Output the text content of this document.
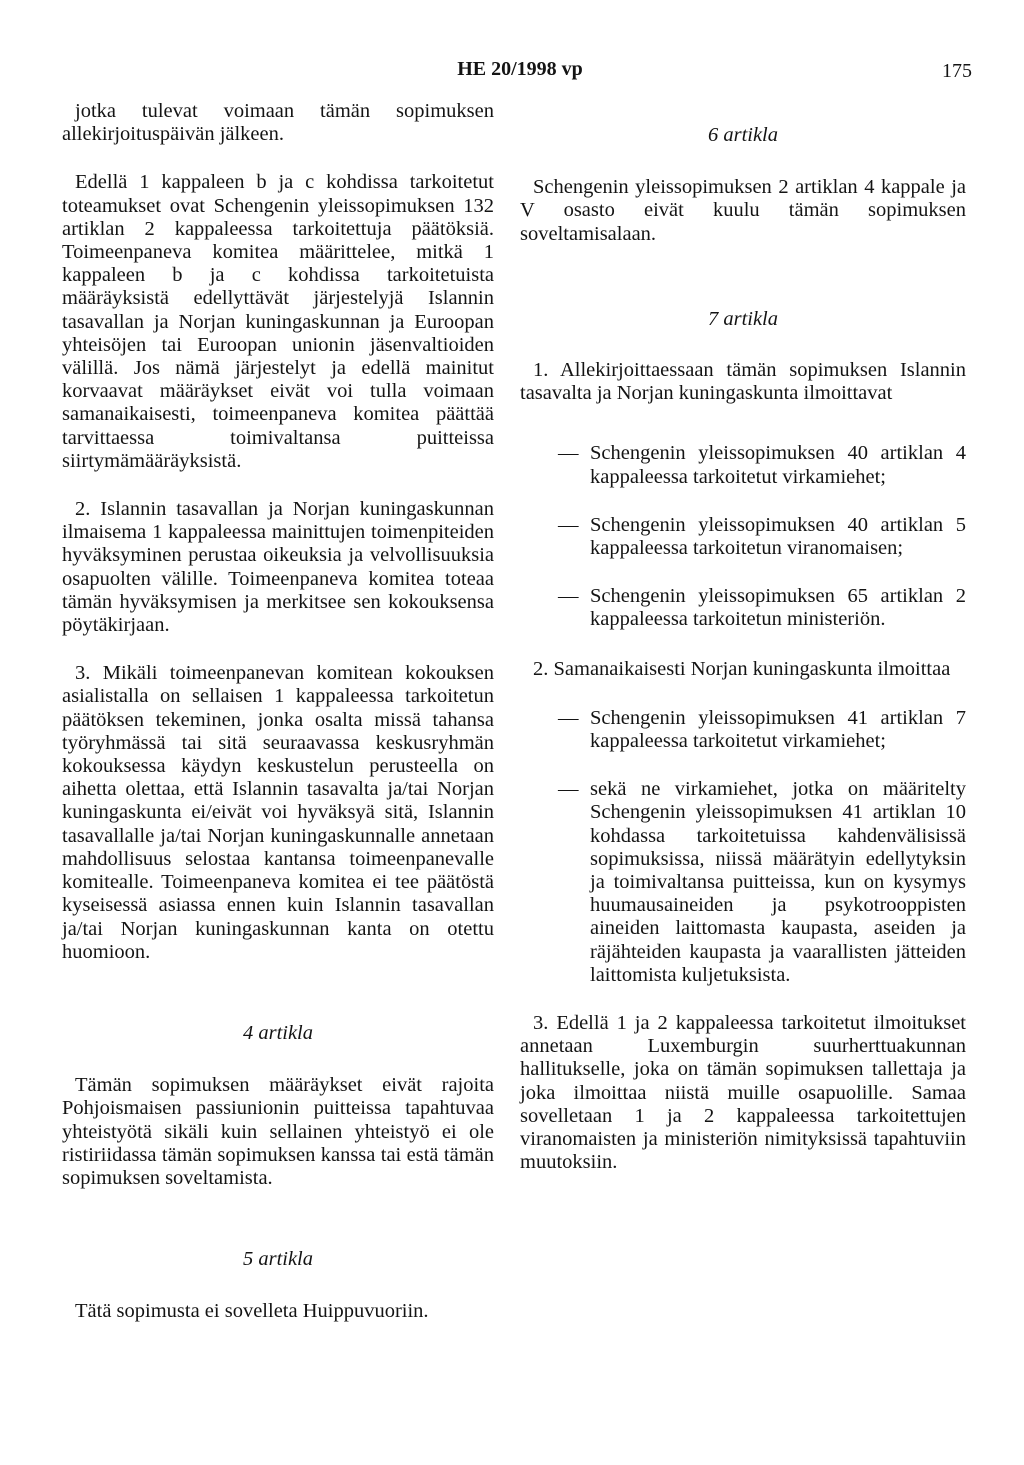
HE 20/1998 vp	175

jotka tulevat voimaan tämän sopimuksen allekirjoituspäivän jälkeen.

Edellä 1 kappaleen b ja c kohdissa tarkoitetut toteamukset ovat Schengenin yleissopimuksen 132 artiklan 2 kappaleessa tarkoitettuja päätöksiä. Toimeenpaneva komitea määrittelee, mitkä 1 kappaleen b ja c kohdissa tarkoitetuista määräyksistä edellyttävät järjestelyjä Islannin tasavallan ja Norjan kuningaskunnan ja Euroopan yhteisöjen tai Euroopan unionin jäsenvaltioiden välillä. Jos nämä järjestelyt ja edellä mainitut korvaavat määräykset eivät voi tulla voimaan samanaikaisesti, toimeenpaneva komitea päättää tarvittaessa toimivaltansa puitteissa siirtymämääräyksistä.

2. Islannin tasavallan ja Norjan kuningaskunnan ilmaisema 1 kappaleessa mainittujen toimenpiteiden hyväksyminen perustaa oikeuksia ja velvollisuuksia osapuolten välille. Toimeenpaneva komitea toteaa tämän hyväksymisen ja merkitsee sen kokouksensa pöytäkirjaan.

3. Mikäli toimeenpanevan komitean kokouksen asialistalla on sellaisen 1 kappaleessa tarkoitetun päätöksen tekeminen, jonka osalta missä tahansa työryhmässä tai sitä seuraavassa keskusryhmän kokouksessa käydyn keskustelun perusteella on aihetta olettaa, että Islannin tasavalta ja/tai Norjan kuningaskunta ei/eivät voi hyväksyä sitä, Islannin tasavallalle ja/tai Norjan kuningaskunnalle annetaan mahdollisuus selostaa kantansa toimeenpanevalle komitealle. Toimeenpaneva komitea ei tee päätöstä kyseisessä asiassa ennen kuin Islannin tasavallan ja/tai Norjan kuningaskunnan kanta on otettu huomioon.

4 artikla

Tämän sopimuksen määräykset eivät rajoita Pohjoismaisen passiunionin puitteissa tapahtuvaa yhteistyötä sikäli kuin sellainen yhteistyö ei ole ristiriidassa tämän sopimuksen kanssa tai estä tämän sopimuksen soveltamista.

5 artikla

Tätä sopimusta ei sovelleta Huippuvuoriin.

6 artikla

Schengenin yleissopimuksen 2 artiklan 4 kappale ja V osasto eivät kuulu tämän sopimuksen soveltamisalaan.

7 artikla

1. Allekirjoittaessaan tämän sopimuksen Islannin tasavalta ja Norjan kuningaskunta ilmoittavat

— Schengenin yleissopimuksen 40 artiklan 4 kappaleessa tarkoitetut virkamiehet;
— Schengenin yleissopimuksen 40 artiklan 5 kappaleessa tarkoitetun viranomaisen;
— Schengenin yleissopimuksen 65 artiklan 2 kappaleessa tarkoitetun ministeriön.

2. Samanaikaisesti Norjan kuningaskunta ilmoittaa

— Schengenin yleissopimuksen 41 artiklan 7 kappaleessa tarkoitetut virkamiehet;
— sekä ne virkamiehet, jotka on määritelty Schengenin yleissopimuksen 41 artiklan 10 kohdassa tarkoitetuissa kahdenvälisissä sopimuksissa, niissä määrätyin edellytyksin ja toimivaltansa puitteissa, kun on kysymys huumausaineiden ja psykotrooppisten aineiden laittomasta kaupasta, aseiden ja räjähteiden kaupasta ja vaarallisten jätteiden laittomista kuljetuksista.

3. Edellä 1 ja 2 kappaleessa tarkoitetut ilmoitukset annetaan Luxemburgin suurherttuakunnan hallitukselle, joka on tämän sopimuksen tallettaja ja joka ilmoittaa niistä muille osapuolille. Samaa sovelletaan 1 ja 2 kappaleessa tarkoitettujen viranomaisten ja ministeriön nimityksissä tapahtuviin muutoksiin.
